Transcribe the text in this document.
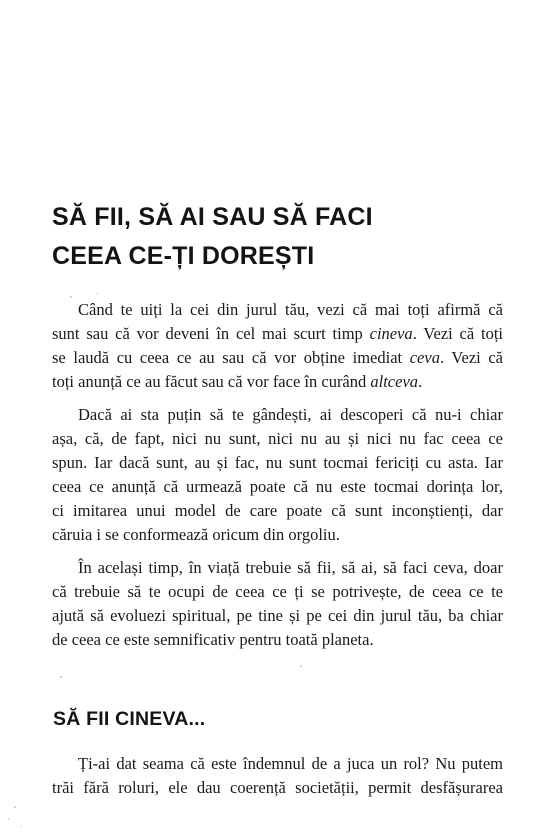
SĂ FII, SĂ AI SAU SĂ FACI
CEEA CE-ȚI DOREȘTI
Când te uiți la cei din jurul tău, vezi că mai toți afirmă că
sunt sau că vor deveni în cel mai scurt timp cineva. Vezi că toți
se laudă cu ceea ce au sau că vor obține imediat ceva. Vezi că
toți anunță ce au făcut sau că vor face în curând altceva.
Dacă ai sta puțin să te gândești, ai descoperi că nu-i chiar
așa, că, de fapt, nici nu sunt, nici nu au și nici nu fac ceea ce
spun. Iar dacă sunt, au și fac, nu sunt tocmai fericiți cu asta. Iar
ceea ce anunță că urmează poate că nu este tocmai dorința lor,
ci imitarea unui model de care poate că sunt inconștienți, dar
căruia i se conformează oricum din orgoliu.
În același timp, în viață trebuie să fii, să ai, să faci ceva, doar
că trebuie să te ocupi de ceea ce ți se potrivește, de ceea ce te
ajută să evoluezi spiritual, pe tine și pe cei din jurul tău, ba chiar
de ceea ce este semnificativ pentru toată planeta.
SĂ FII CINEVA...
Ți-ai dat seama că este îndemnul de a juca un rol? Nu putem
trăi fără roluri, ele dau coerență societății, permit desfășurarea
